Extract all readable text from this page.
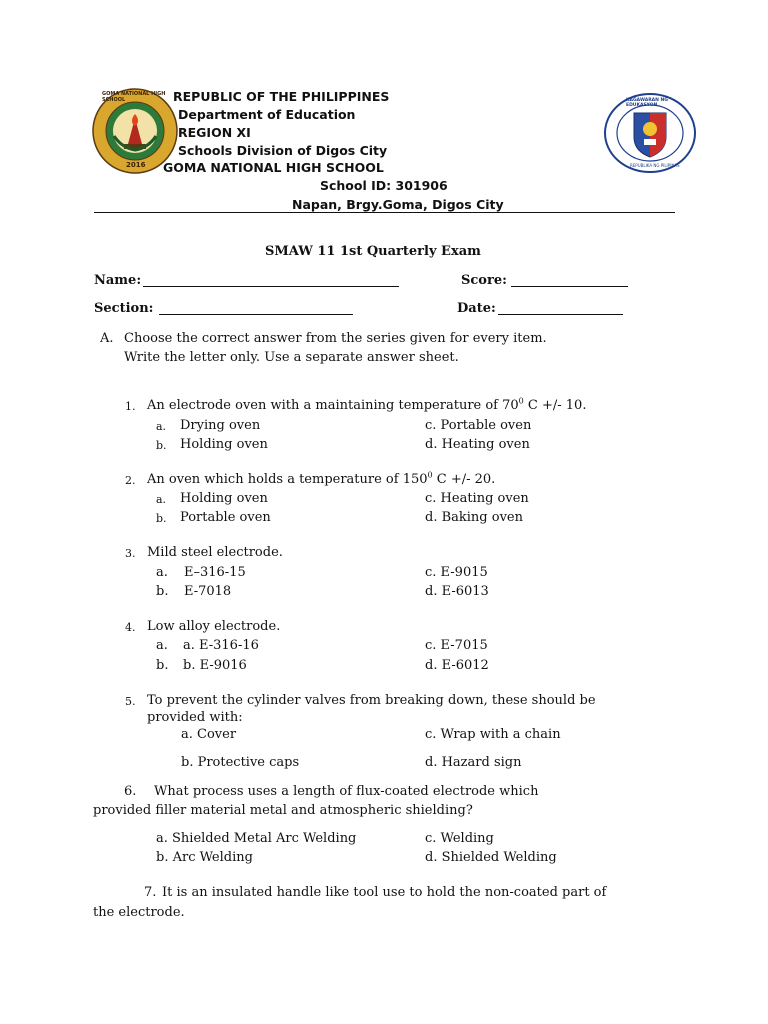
GOMA NATIONAL HIGH SCHOOL
2016
KAGAWARAN NG EDUKASYON
REPUBLIKA NG PILIPINAS
REPUBLIC OF THE PHILIPPINES
Department of Education
REGION XI
Schools Division of Digos City
GOMA NATIONAL HIGH SCHOOL
School ID: 301906
Napan, Brgy.Goma, Digos City
SMAW 11 1st Quarterly Exam
Name:	Score:
Section:	Date:
A. Choose the correct answer from the series given for every item.
Write the letter only. Use a separate answer sheet.
1. An electrode oven with a maintaining temperature of $70^0$ C +/- 10.
a. Drying oven
b. Holding oven
c. Portable oven
d. Heating oven
2. An oven which holds a temperature of $150^0$ C +/- 20.
a. Holding oven
b. Portable oven
c. Heating oven
d. Baking oven
3. Mild steel electrode.
a. E–316-15
b. E-7018
c. E-9015
d. E-6013
4. Low alloy electrode.
a. a. E-316-16
b. b. E-9016
c. E-7015
d. E-6012
5. To prevent the cylinder valves from breaking down, these should be
provided with:
a. Cover	c. Wrap with a chain
b. Protective caps	d. Hazard sign
6. What process uses a length of flux-coated electrode which
provided filler material metal and atmospheric shielding?
a. Shielded Metal Arc Welding	c. Welding
b. Arc Welding	d. Shielded Welding
7. It is an insulated handle like tool use to hold the non-coated part of
the electrode.
